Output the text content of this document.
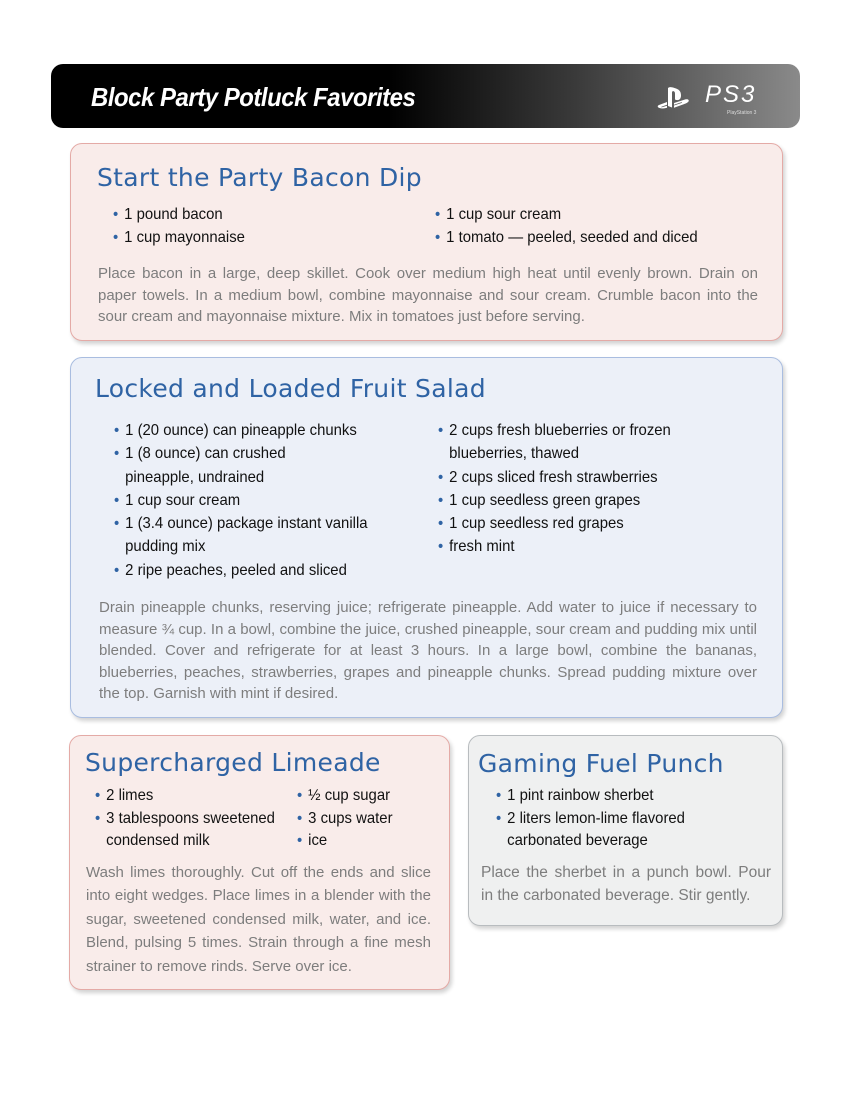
Block Party Potluck Favorites	PS3
PlayStation 3
Start the Party Bacon Dip
• 1 pound bacon
• 1 cup mayonnaise
• 1 cup sour cream
• 1 tomato — peeled, seeded and diced

Place bacon in a large, deep skillet. Cook over medium high heat until evenly brown. Drain on paper towels. In a medium bowl, combine mayonnaise and sour cream. Crumble bacon into the sour cream and mayonnaise mixture. Mix in tomatoes just before serving.

Locked and Loaded Fruit Salad
• 1 (20 ounce) can pineapple chunks
• 1 (8 ounce) can crushed
pineapple, undrained
• 1 cup sour cream
• 1 (3.4 ounce) package instant vanilla
pudding mix
• 2 ripe peaches, peeled and sliced
• 2 cups fresh blueberries or frozen
blueberries, thawed
• 2 cups sliced fresh strawberries
• 1 cup seedless green grapes
• 1 cup seedless red grapes
• fresh mint

Drain pineapple chunks, reserving juice; refrigerate pineapple. Add water to juice if necessary to measure ¾ cup. In a bowl, combine the juice, crushed pineapple, sour cream and pudding mix until blended. Cover and refrigerate for at least 3 hours. In a large bowl, combine the bananas, blueberries, peaches, strawberries, grapes and pineapple chunks. Spread pudding mixture over the top. Garnish with mint if desired.

Supercharged Limeade
• 2 limes
• 3 tablespoons sweetened
condensed milk
• ½ cup sugar
• 3 cups water
• ice

Wash limes thoroughly. Cut off the ends and slice into eight wedges. Place limes in a blender with the sugar, sweetened condensed milk, water, and ice. Blend, pulsing 5 times. Strain through a fine mesh strainer to remove rinds. Serve over ice.

Gaming Fuel Punch
• 1 pint rainbow sherbet
• 2 liters lemon-lime flavored
carbonated beverage

Place the sherbet in a punch bowl. Pour in the carbonated beverage. Stir gently.
